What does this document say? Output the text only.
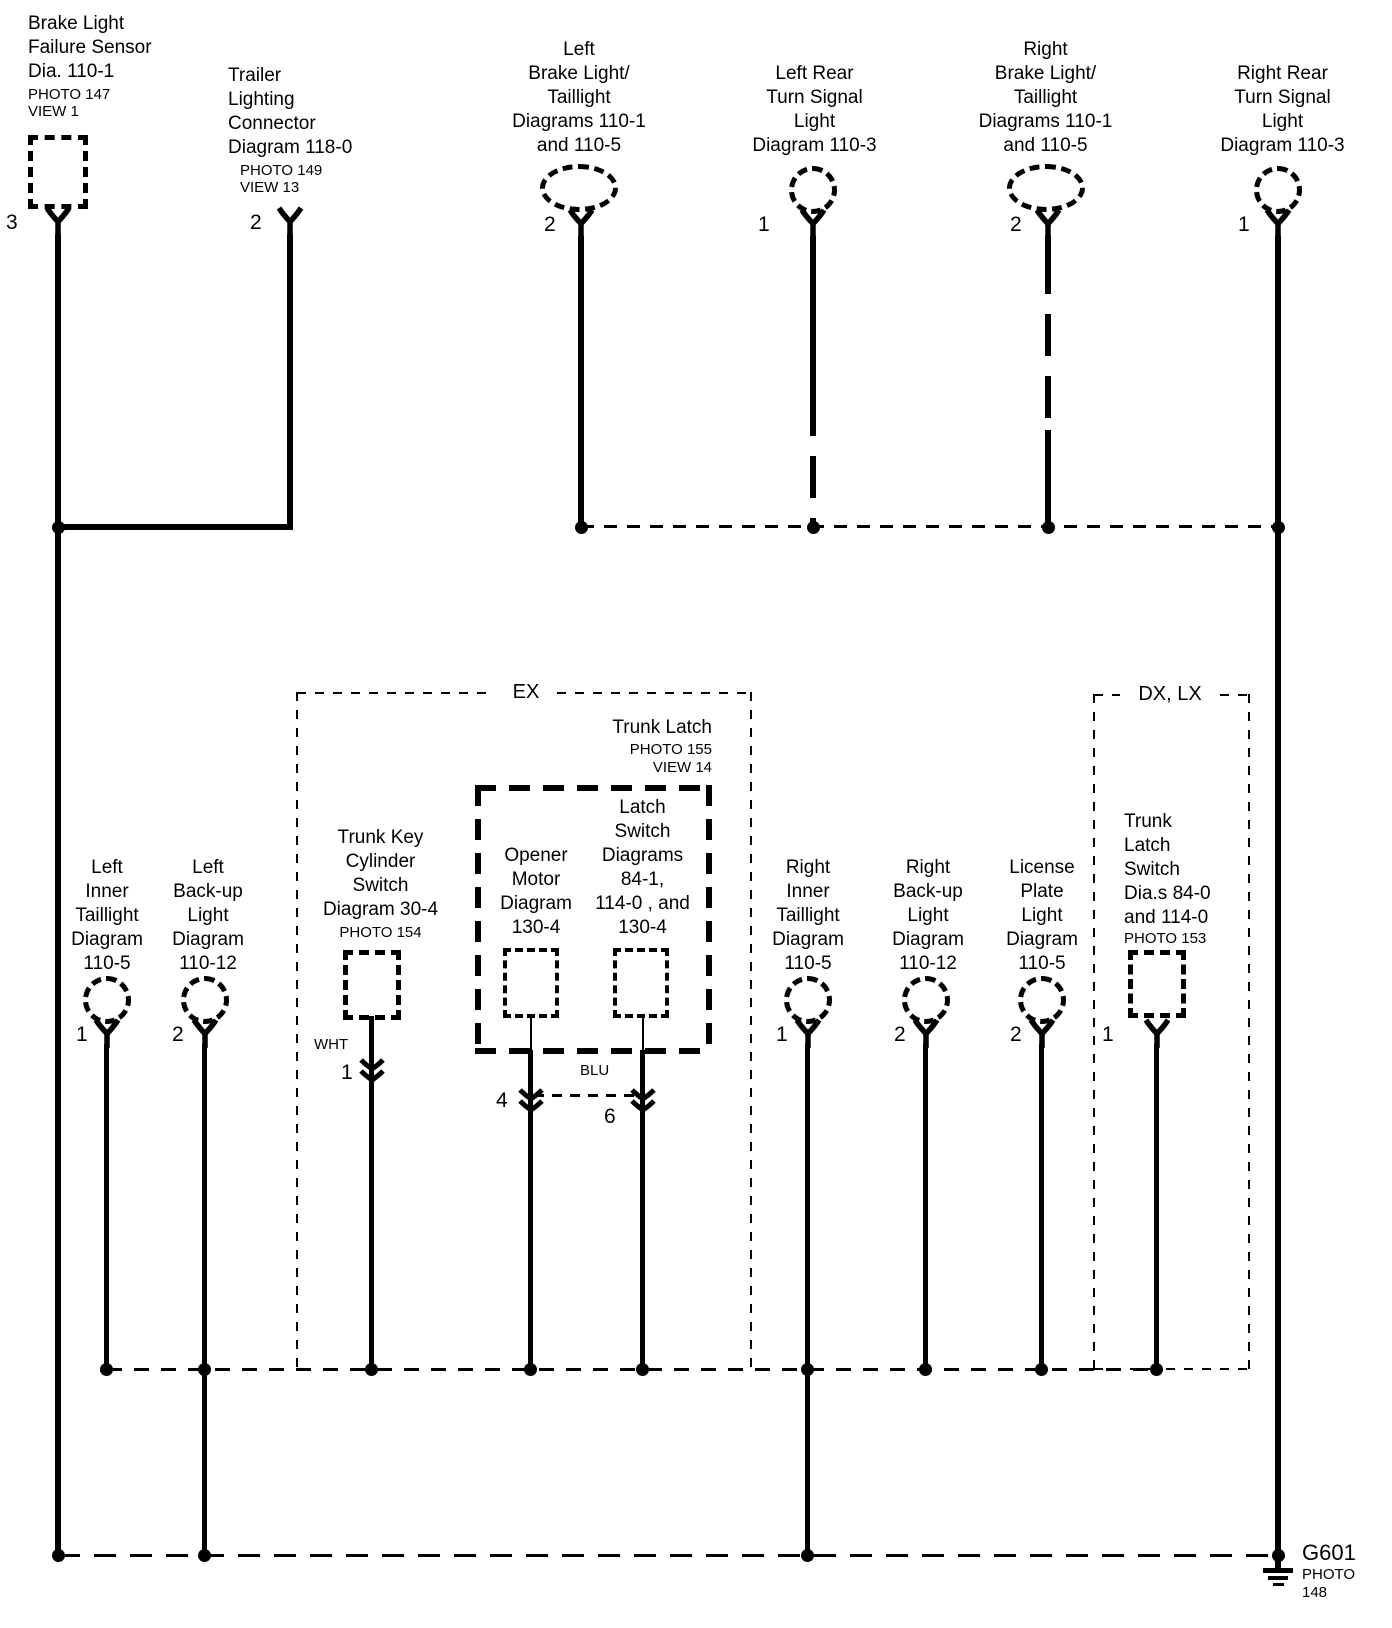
Brake Light
Failure Sensor
Dia. 110-1
PHOTO 147
VIEW 1
Trailer
Lighting
Connector
Diagram 118-0
PHOTO 149
VIEW 13
Left
Brake Light/
Taillight
Diagrams 110-1
and 110-5
Left Rear
Turn Signal
Light
Diagram 110-3
Right
Brake Light/
Taillight
Diagrams 110-1
and 110-5
Right Rear
Turn Signal
Light
Diagram 110-3
3	2	2	1	2	1
EX	DX, LX
Trunk Latch
PHOTO 155
VIEW 14
Left
Inner
Taillight
Diagram
110-5
Left
Back-up
Light
Diagram
110-12
Trunk Key
Cylinder
Switch
Diagram 30-4
PHOTO 154
Opener
Motor
Diagram
130-4
Latch
Switch
Diagrams
84-1,
114-0 , and
130-4
Right
Inner
Taillight
Diagram
110-5
Right
Back-up
Light
Diagram
110-12
License
Plate
Light
Diagram
110-5
Trunk
Latch
Switch
Dia.s 84-0
and 114-0
PHOTO 153
1	2	WHT
1
4
BLU
6
1	2	2	1
G601
PHOTO
148
